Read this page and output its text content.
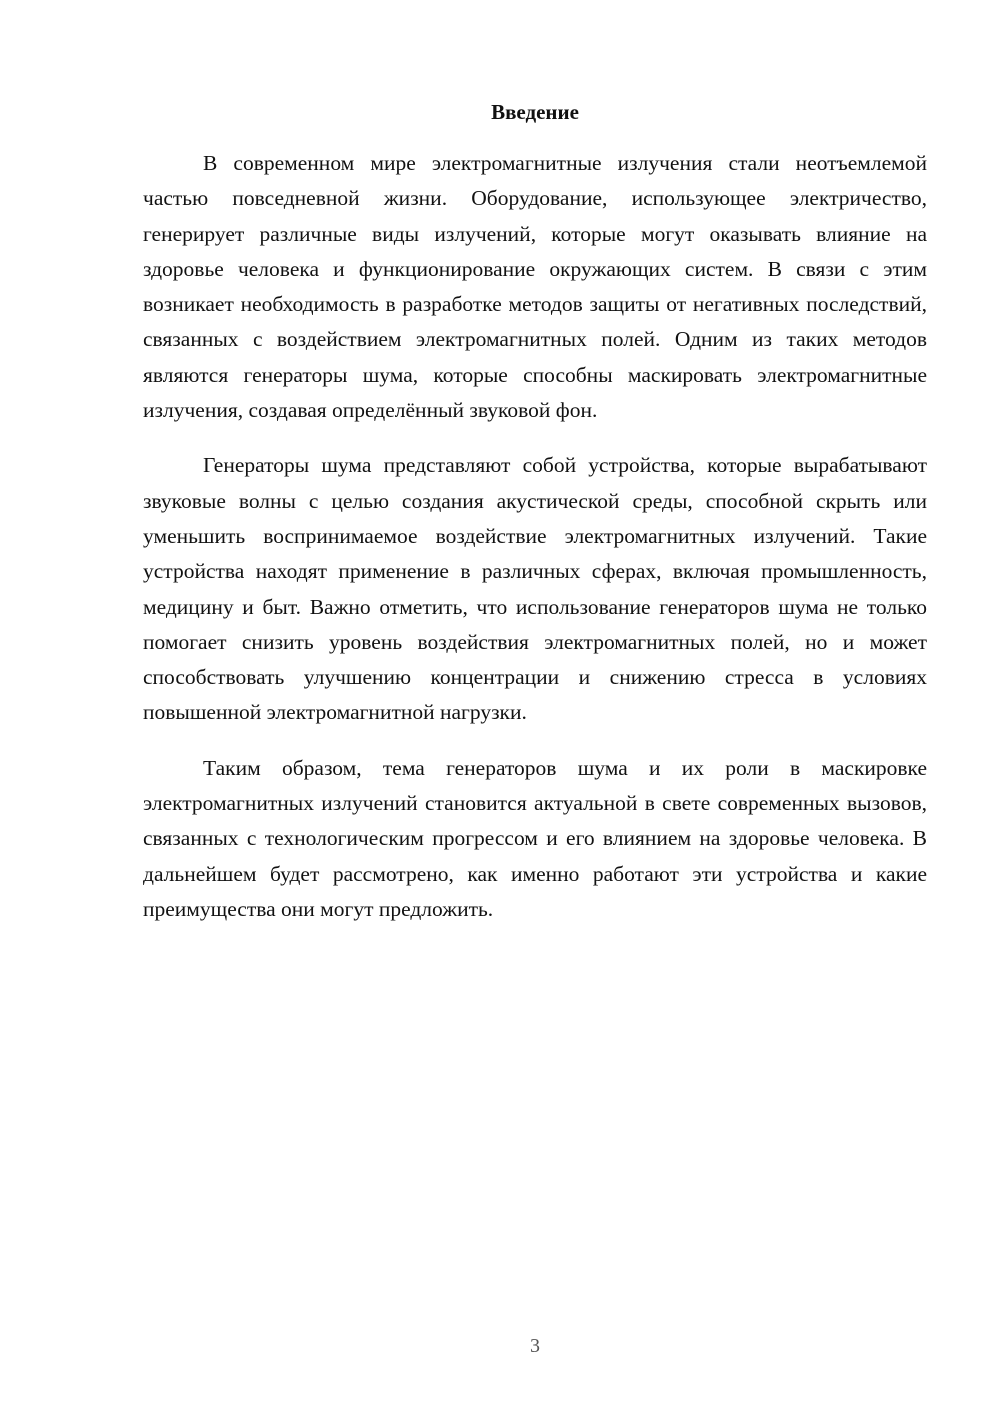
Введение

В современном мире электромагнитные излучения стали неотъемлемой частью повседневной жизни. Оборудование, использующее электричество, генерирует различные виды излучений, которые могут оказывать влияние на здоровье человека и функционирование окружающих систем. В связи с этим возникает необходимость в разработке методов защиты от негативных последствий, связанных с воздействием электромагнитных полей. Одним из таких методов являются генераторы шума, которые способны маскировать электромагнитные излучения, создавая определённый звуковой фон.

Генераторы шума представляют собой устройства, которые вырабатывают звуковые волны с целью создания акустической среды, способной скрыть или уменьшить воспринимаемое воздействие электромагнитных излучений. Такие устройства находят применение в различных сферах, включая промышленность, медицину и быт. Важно отметить, что использование генераторов шума не только помогает снизить уровень воздействия электромагнитных полей, но и может способствовать улучшению концентрации и снижению стресса в условиях повышенной электромагнитной нагрузки.

Таким образом, тема генераторов шума и их роли в маскировке электромагнитных излучений становится актуальной в свете современных вызовов, связанных с технологическим прогрессом и его влиянием на здоровье человека. В дальнейшем будет рассмотрено, как именно работают эти устройства и какие преимущества они могут предложить.

3
